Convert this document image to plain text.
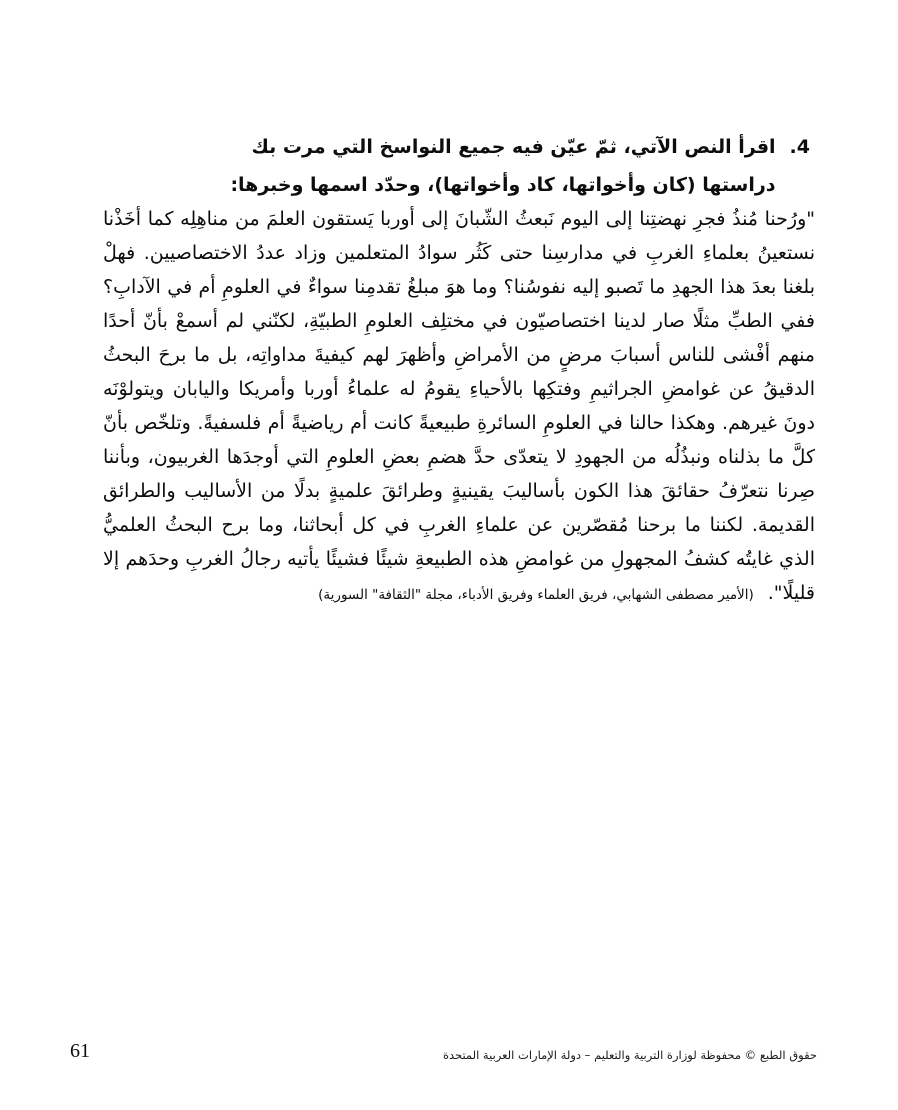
4.
اقرأ النص الآتي، ثمّ عيّن فيه جميع النواسخ التي مرت بك دراستها (كان وأخواتها، كاد وأخواتها)، وحدّد اسمها وخبرها:

"ورُحنا مُنذُ فجرِ نهضتِنا إلى اليوم نَبعثُ الشّبانَ إلى أوربا يَستقون العلمَ من مناهِلِه كما أخَذْنا نستعينُ بعلماءِ الغربِ في مدارسِنا حتى كَثُر سوادُ المتعلمين وزاد عددُ الاختصاصيين. فهلْ بلغنا بعدَ هذا الجهدِ ما تَصبو إليه نفوسُنا؟ وما هوَ مبلغُ تقدمِنا سواءٌ في العلومِ أم في الآدابِ؟ ففي الطبِّ مثلًا صار لدينا اختصاصيّون في مختلِف العلومِ الطبيّةِ، لكنّني لم أسمعْ بأنّ أحدًا منهم أفْشى للناس أسبابَ مرضٍ من الأمراضِ وأظهرَ لهم كيفيةَ مداواتِه، بل ما برحَ البحثُ الدقيقُ عن غوامضِ الجراثيمِ وفتكِها بالأحياءِ يقومُ له علماءُ أوربا وأمريكا واليابان ويتولوْنَه دونَ غيرهم. وهكذا حالنا في العلومِ السائرةِ طبيعيةً كانت أم رياضيةً أم فلسفيةً. وتلخّص بأنّ كلَّ ما بذلناه ونبذُلُه من الجهودِ لا يتعدّى حدَّ هضمِ بعضِ العلومِ التي أوجدَها الغربيون، وبأننا صِرنا نتعرّفُ حقائقَ هذا الكون بأساليبَ يقينيةٍ وطرائقَ علميةٍ بدلًا من الأساليب والطرائق القديمة. لكننا ما برحنا مُقصّرين عن علماءِ الغربِ في كل أبحاثنا، وما برح البحثُ العلميُّ الذي غايتُه كشفُ المجهولِ من غوامضِ هذه الطبيعةِ شيئًا فشيئًا يأتيه رجالُ الغربِ وحدَهم إلا قليلًا".(الأمير مصطفى الشهابي، فريق العلماء وفريق الأدباء، مجلة "الثقافة" السورية)

حقوق الطبع © محفوظة لوزارة التربية والتعليم – دولة الإمارات العربية المتحدة
61
